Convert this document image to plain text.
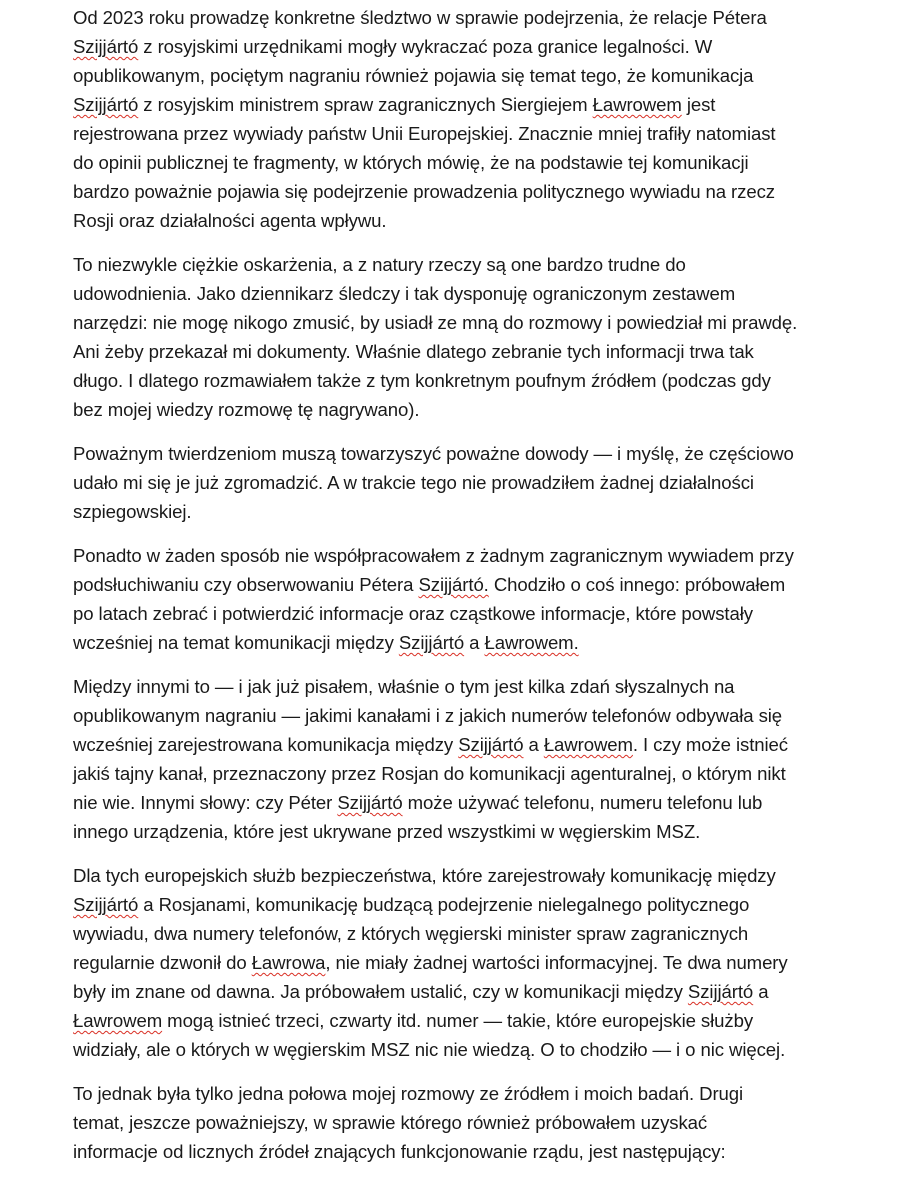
Od 2023 roku prowadzę konkretne śledztwo w sprawie podejrzenia, że relacje Pétera
Szijjártó z rosyjskimi urzędnikami mogły wykraczać poza granice legalności. W
opublikowanym, pociętym nagraniu również pojawia się temat tego, że komunikacja
Szijjártó z rosyjskim ministrem spraw zagranicznych Siergiejem Ławrowem jest
rejestrowana przez wywiady państw Unii Europejskiej. Znacznie mniej trafiły natomiast
do opinii publicznej te fragmenty, w których mówię, że na podstawie tej komunikacji
bardzo poważnie pojawia się podejrzenie prowadzenia politycznego wywiadu na rzecz
Rosji oraz działalności agenta wpływu.

To niezwykle ciężkie oskarżenia, a z natury rzeczy są one bardzo trudne do
udowodnienia. Jako dziennikarz śledczy i tak dysponuję ograniczonym zestawem
narzędzi: nie mogę nikogo zmusić, by usiadł ze mną do rozmowy i powiedział mi prawdę.
Ani żeby przekazał mi dokumenty. Właśnie dlatego zebranie tych informacji trwa tak
długo. I dlatego rozmawiałem także z tym konkretnym poufnym źródłem (podczas gdy
bez mojej wiedzy rozmowę tę nagrywano).

Poważnym twierdzeniom muszą towarzyszyć poważne dowody — i myślę, że częściowo
udało mi się je już zgromadzić. A w trakcie tego nie prowadziłem żadnej działalności
szpiegowskiej.

Ponadto w żaden sposób nie współpracowałem z żadnym zagranicznym wywiadem przy
podsłuchiwaniu czy obserwowaniu Pétera Szijjártó. Chodziło o coś innego: próbowałem
po latach zebrać i potwierdzić informacje oraz cząstkowe informacje, które powstały
wcześniej na temat komunikacji między Szijjártó a Ławrowem.

Między innymi to — i jak już pisałem, właśnie o tym jest kilka zdań słyszalnych na
opublikowanym nagraniu — jakimi kanałami i z jakich numerów telefonów odbywała się
wcześniej zarejestrowana komunikacja między Szijjártó a Ławrowem. I czy może istnieć
jakiś tajny kanał, przeznaczony przez Rosjan do komunikacji agenturalnej, o którym nikt
nie wie. Innymi słowy: czy Péter Szijjártó może używać telefonu, numeru telefonu lub
innego urządzenia, które jest ukrywane przed wszystkimi w węgierskim MSZ.

Dla tych europejskich służb bezpieczeństwa, które zarejestrowały komunikację między
Szijjártó a Rosjanami, komunikację budzącą podejrzenie nielegalnego politycznego
wywiadu, dwa numery telefonów, z których węgierski minister spraw zagranicznych
regularnie dzwonił do Ławrowa, nie miały żadnej wartości informacyjnej. Te dwa numery
były im znane od dawna. Ja próbowałem ustalić, czy w komunikacji między Szijjártó a
Ławrowem mogą istnieć trzeci, czwarty itd. numer — takie, które europejskie służby
widziały, ale o których w węgierskim MSZ nic nie wiedzą. O to chodziło — i o nic więcej.

To jednak była tylko jedna połowa mojej rozmowy ze źródłem i moich badań. Drugi
temat, jeszcze poważniejszy, w sprawie którego również próbowałem uzyskać
informacje od licznych źródeł znających funkcjonowanie rządu, jest następujący:
